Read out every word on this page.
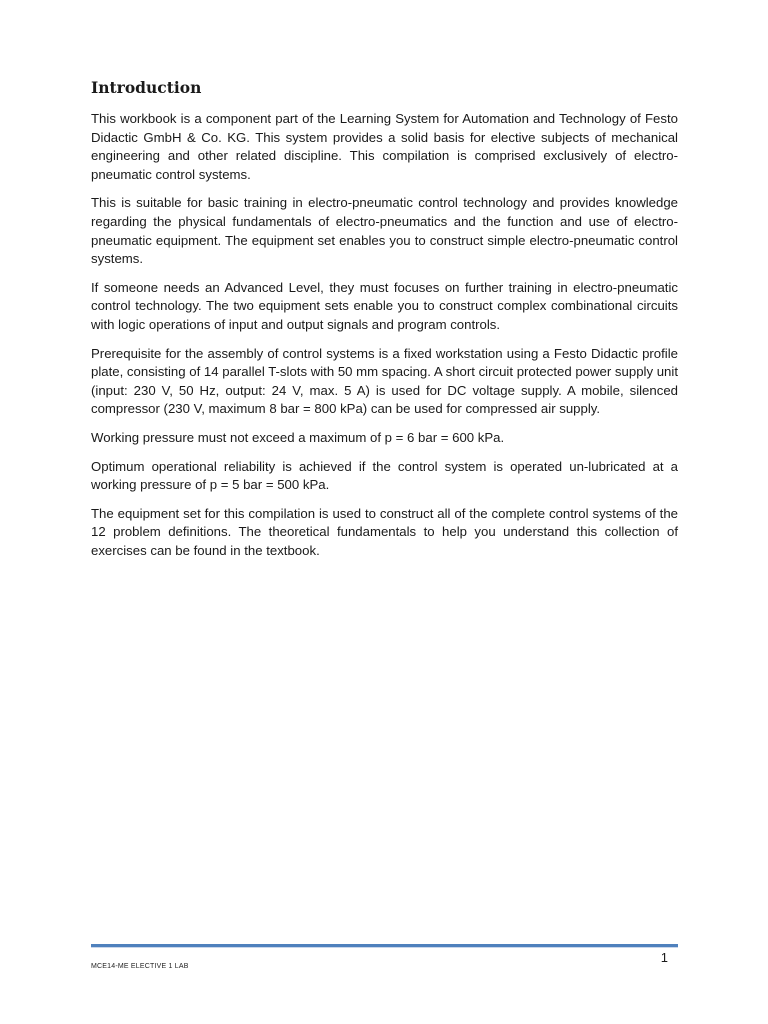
Introduction

This workbook is a component part of the Learning System for Automation and Technology of Festo Didactic GmbH & Co. KG. This system provides a solid basis for elective subjects of mechanical engineering and other related discipline. This compilation is comprised exclusively of electro-pneumatic control systems.

This is suitable for basic training in electro-pneumatic control technology and provides knowledge regarding the physical fundamentals of electro-pneumatics and the function and use of electro-pneumatic equipment. The equipment set enables you to construct simple electro-pneumatic control systems.

If someone needs an Advanced Level, they must focuses on further training in electro-pneumatic control technology. The two equipment sets enable you to construct complex combinational circuits with logic operations of input and output signals and program controls.

Prerequisite for the assembly of control systems is a fixed workstation using a Festo Didactic profile plate, consisting of 14 parallel T-slots with 50 mm spacing. A short circuit protected power supply unit (input: 230 V, 50 Hz, output: 24 V, max. 5 A) is used for DC voltage supply. A mobile, silenced compressor (230 V, maximum 8 bar = 800 kPa) can be used for compressed air supply.

Working pressure must not exceed a maximum of p = 6 bar = 600 kPa.

Optimum operational reliability is achieved if the control system is operated un-lubricated at a working pressure of p = 5 bar = 500 kPa.

The equipment set for this compilation is used to construct all of the complete control systems of the 12 problem definitions. The theoretical fundamentals to help you understand this collection of exercises can be found in the textbook.

1
MCE14-ME ELECTIVE 1 LAB
